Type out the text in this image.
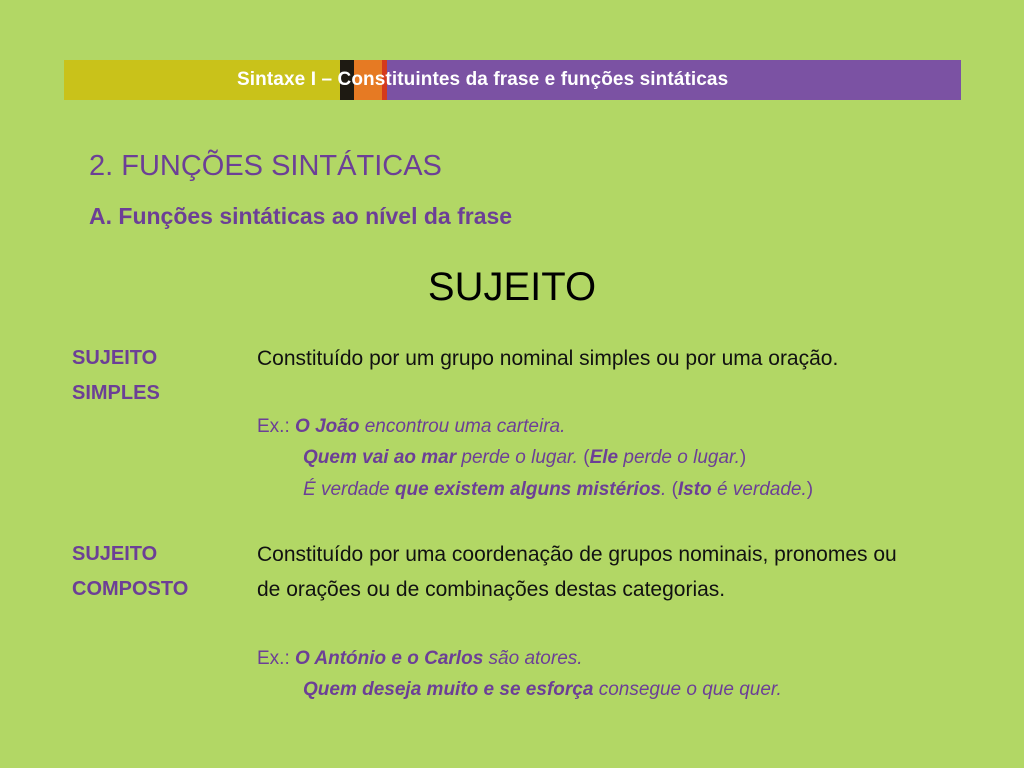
Sintaxe I – Constituintes da frase e funções sintáticas
2. FUNÇÕES SINTÁTICAS
A. Funções sintáticas ao nível da frase
SUJEITO
SUJEITO
SIMPLES
Constituído por um grupo nominal simples ou por uma oração.
Ex.: O João encontrou uma carteira.
Quem vai ao mar perde o lugar. (Ele perde o lugar.)
É verdade que existem alguns mistérios. (Isto é verdade.)
SUJEITO
COMPOSTO
Constituído por uma coordenação de grupos nominais, pronomes ou de orações ou de combinações destas categorias.
Ex.: O António e o Carlos são atores.
Quem deseja muito e se esforça consegue o que quer.
